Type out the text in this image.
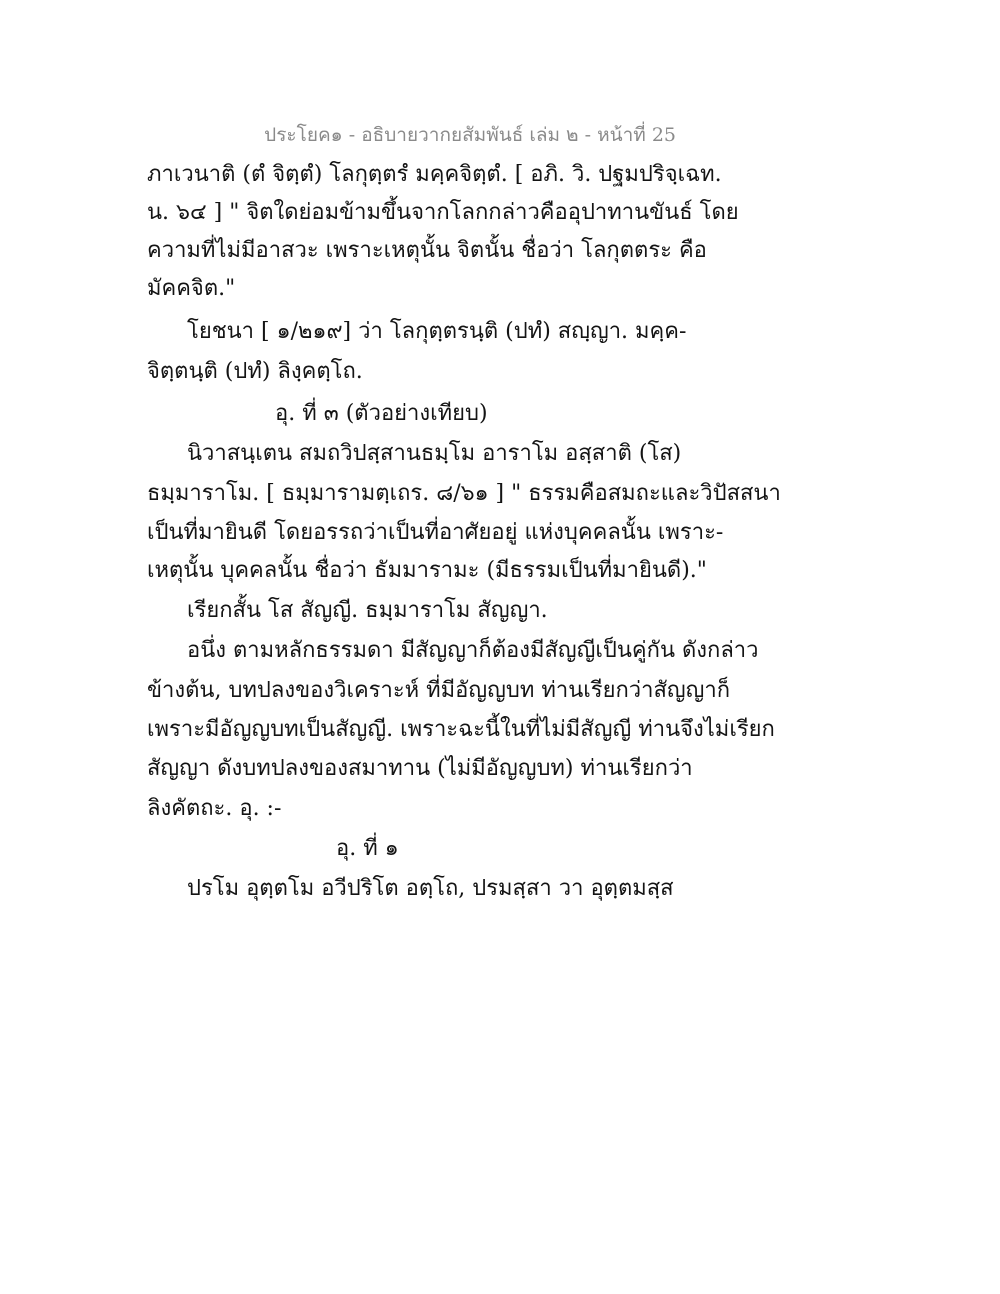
ประโยค๑ - อธิบายวากยสัมพันธ์ เล่ม ๒ - หน้าที่ 25
ภาเวนาติ (ตํ จิตฺตํ) โลกุตฺตรํ มคฺคจิตฺตํ. [ อภิ. วิ. ปฐมปริจฺเฉท.
น. ๖๔ ] " จิตใดย่อมข้ามขึ้นจากโลกกล่าวคืออุปาทานขันธ์ โดย
ความที่ไม่มีอาสวะ เพราะเหตุนั้น จิตนั้น ชื่อว่า โลกุตตระ คือ
มัคคจิต."
โยชนา [ ๑/๒๑๙] ว่า โลกุตฺตรนฺติ (ปทํ) สญฺญา. มคฺค-
จิตฺตนฺติ (ปทํ) ลิงฺคตฺโถ.
อุ. ที่ ๓ (ตัวอย่างเทียบ)
นิวาสนฺเตน สมถวิปสฺสานธมฺโม อาราโม อสฺสาติ (โส)
ธมฺมาราโม. [ ธมฺมารามตฺเถร. ๘/๖๑ ] " ธรรมคือสมถะและวิปัสสนา
เป็นที่มายินดี โดยอรรถว่าเป็นที่อาศัยอยู่ แห่งบุคคลนั้น เพราะ-
เหตุนั้น บุคคลนั้น ชื่อว่า ธัมมารามะ (มีธรรมเป็นที่มายินดี)."
เรียกสั้น โส สัญญี. ธมฺมาราโม สัญญา.
อนึ่ง ตามหลักธรรมดา มีสัญญาก็ต้องมีสัญญีเป็นคู่กัน ดังกล่าว
ข้างต้น, บทปลงของวิเคราะห์ ที่มีอัญญบท ท่านเรียกว่าสัญญาก็
เพราะมีอัญญบทเป็นสัญญี. เพราะฉะนี้ในที่ไม่มีสัญญี ท่านจึงไม่เรียก
สัญญา ดังบทปลงของสมาทาน (ไม่มีอัญญบท) ท่านเรียกว่า
ลิงคัตถะ. อุ. :-
อุ. ที่ ๑
ปรโม อุตฺตโม อวีปริโต อตฺโถ, ปรมสฺสา วา อุตฺตมสฺส
